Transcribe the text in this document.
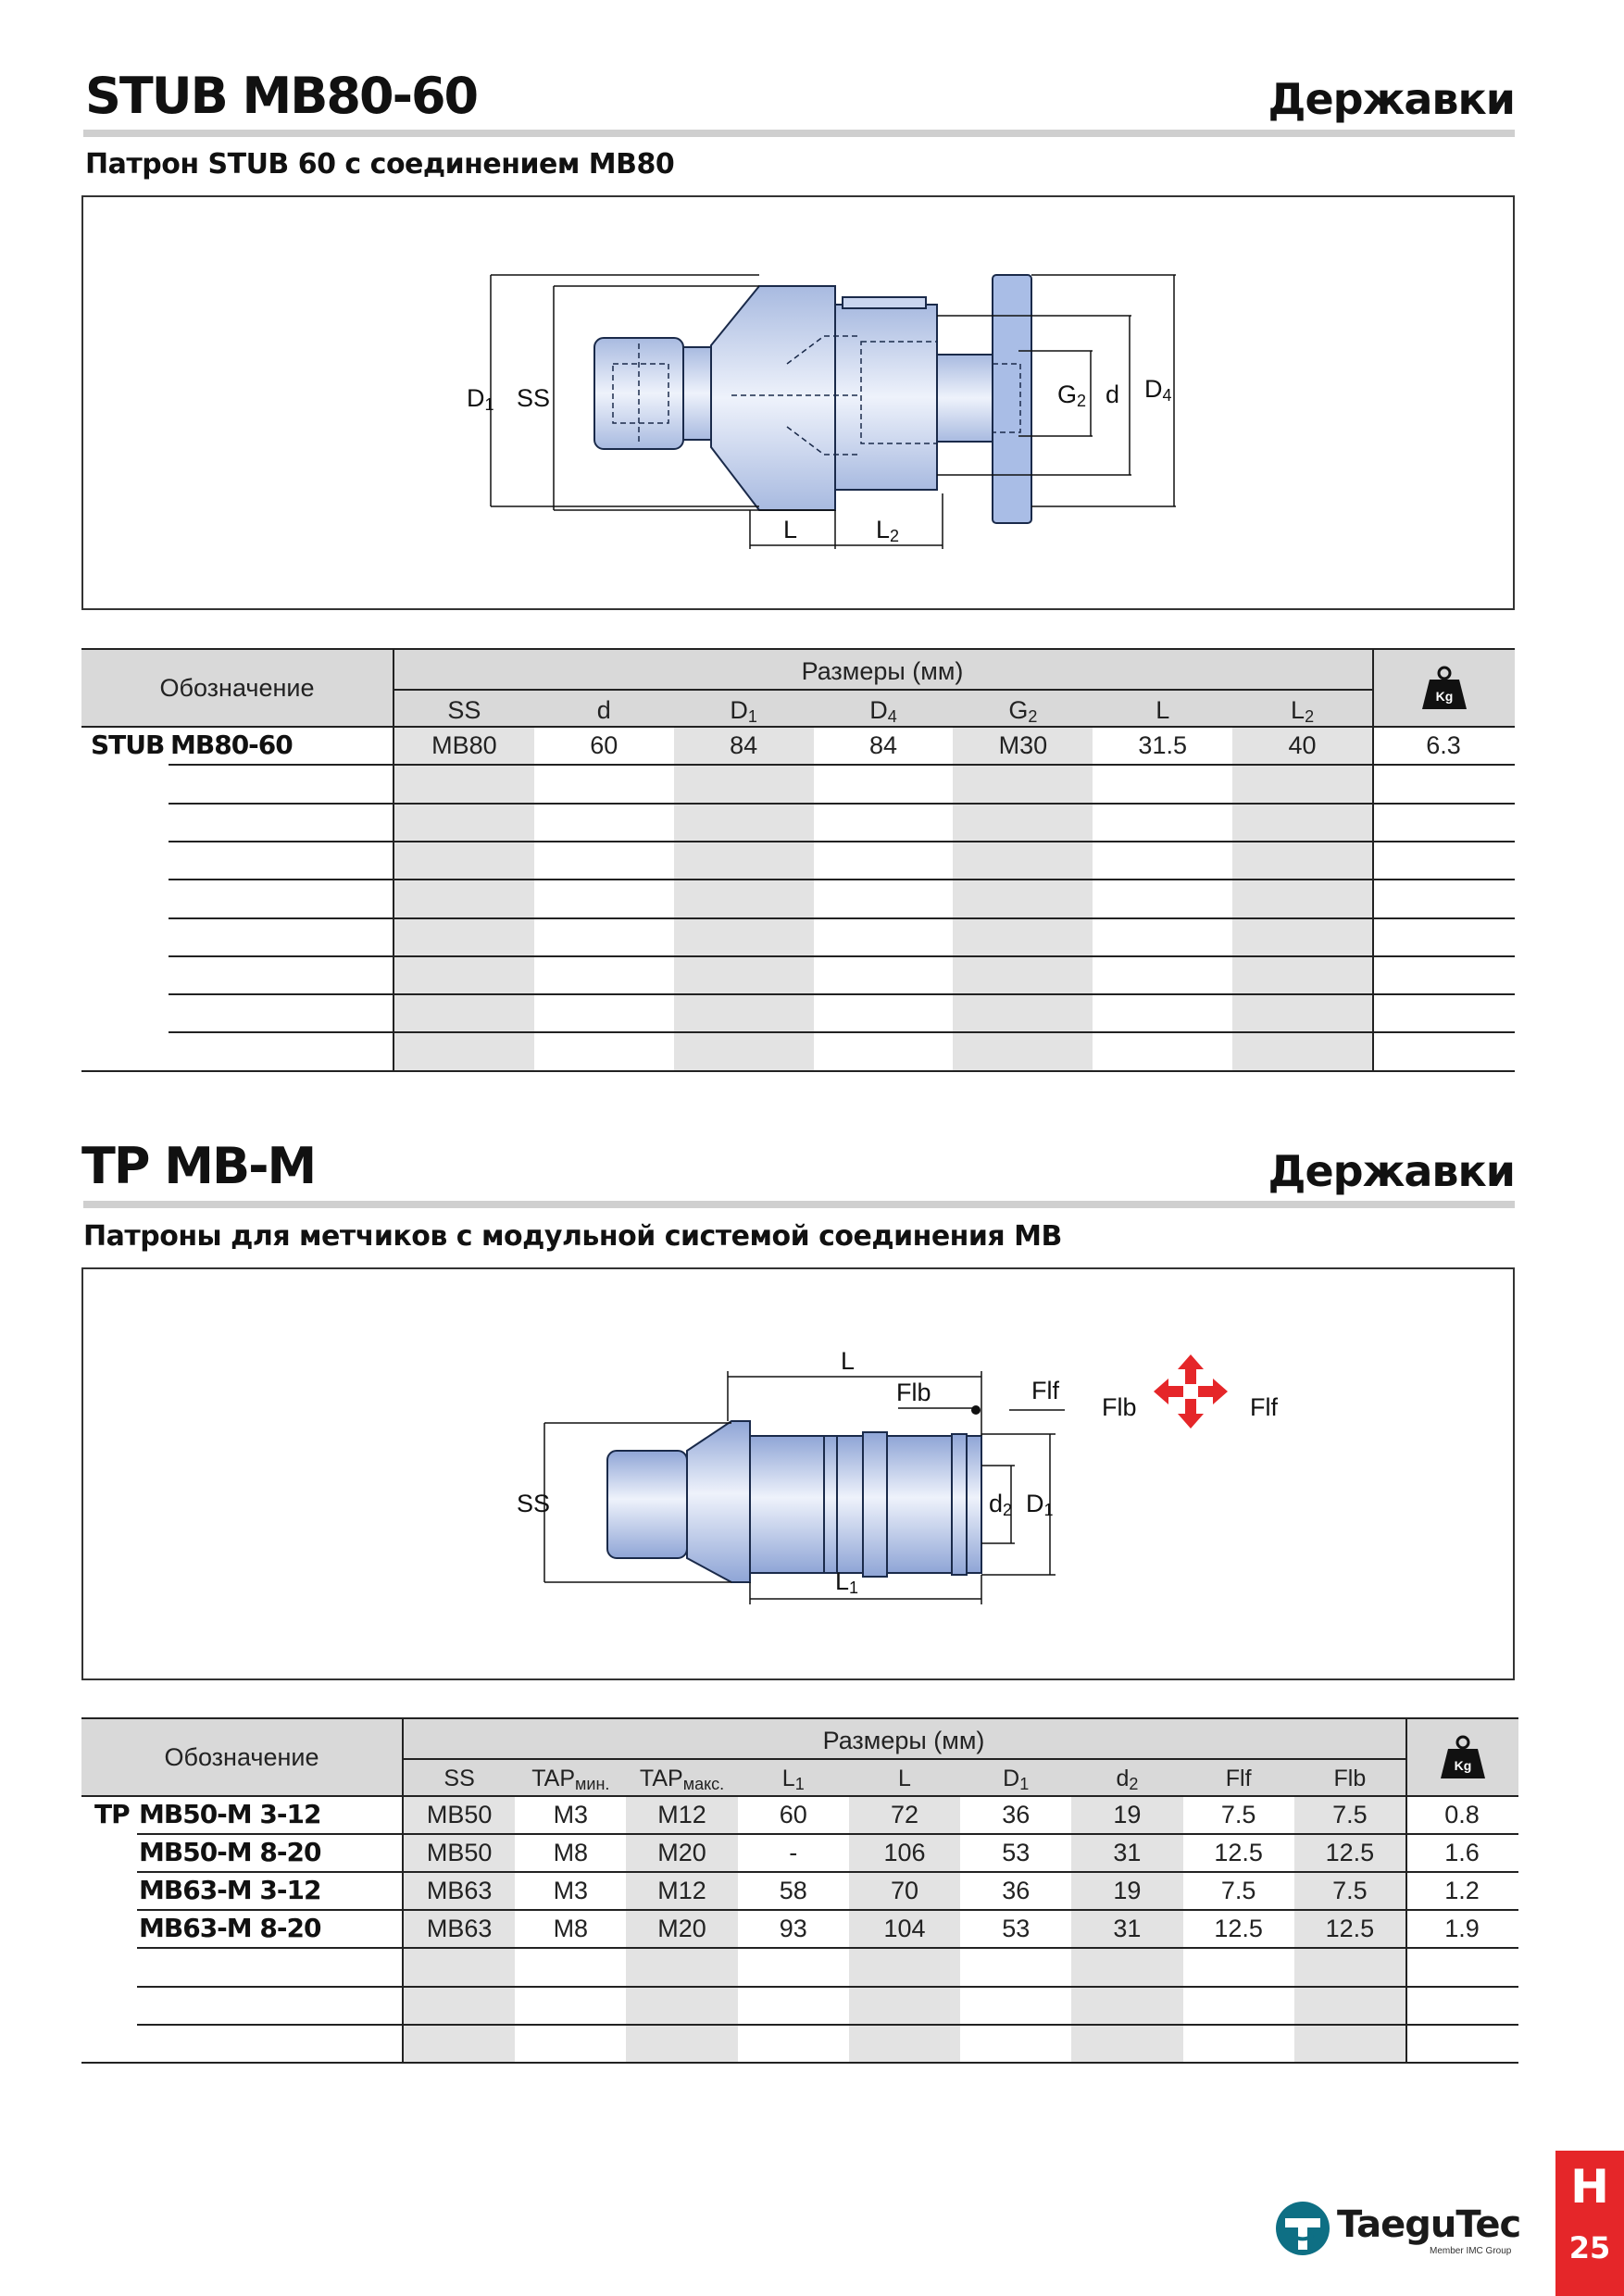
STUB MB80-60	Державки
Патрон STUB 60 с соединением MB80
D1 SS
L	L2
G2 d D4
Обозначение
Размеры (мм)
SS	d	D1	D4	G2	L	L2
Kg
STUB MB80-60	MB80	60	84	84	M30	31.5	40	6.3
TP MB-M	Державки
Патроны для метчиков с модульной системой соединения MB
L
Flb	Flf
SS	d2 D1
L1
Flb	Flf
Обозначение
Размеры (мм)
SS	TAPмин.	TAPмакс.	L1	L	D1	d2	Flf	Flb	Kg
TP MB50-M 3-12	MB50	M3	M12	60	72	36	19	7.5	7.5	0.8
MB50-M 8-20	MB50	M8	M20	-	106	53	31	12.5	12.5	1.6
MB63-M 3-12	MB63	M3	M12	58	70	36	19	7.5	7.5	1.2
MB63-M 8-20	MB63	M8	M20	93	104	53	31	12.5	12.5	1.9
TaeguTec
Member IMC Group
H
25
